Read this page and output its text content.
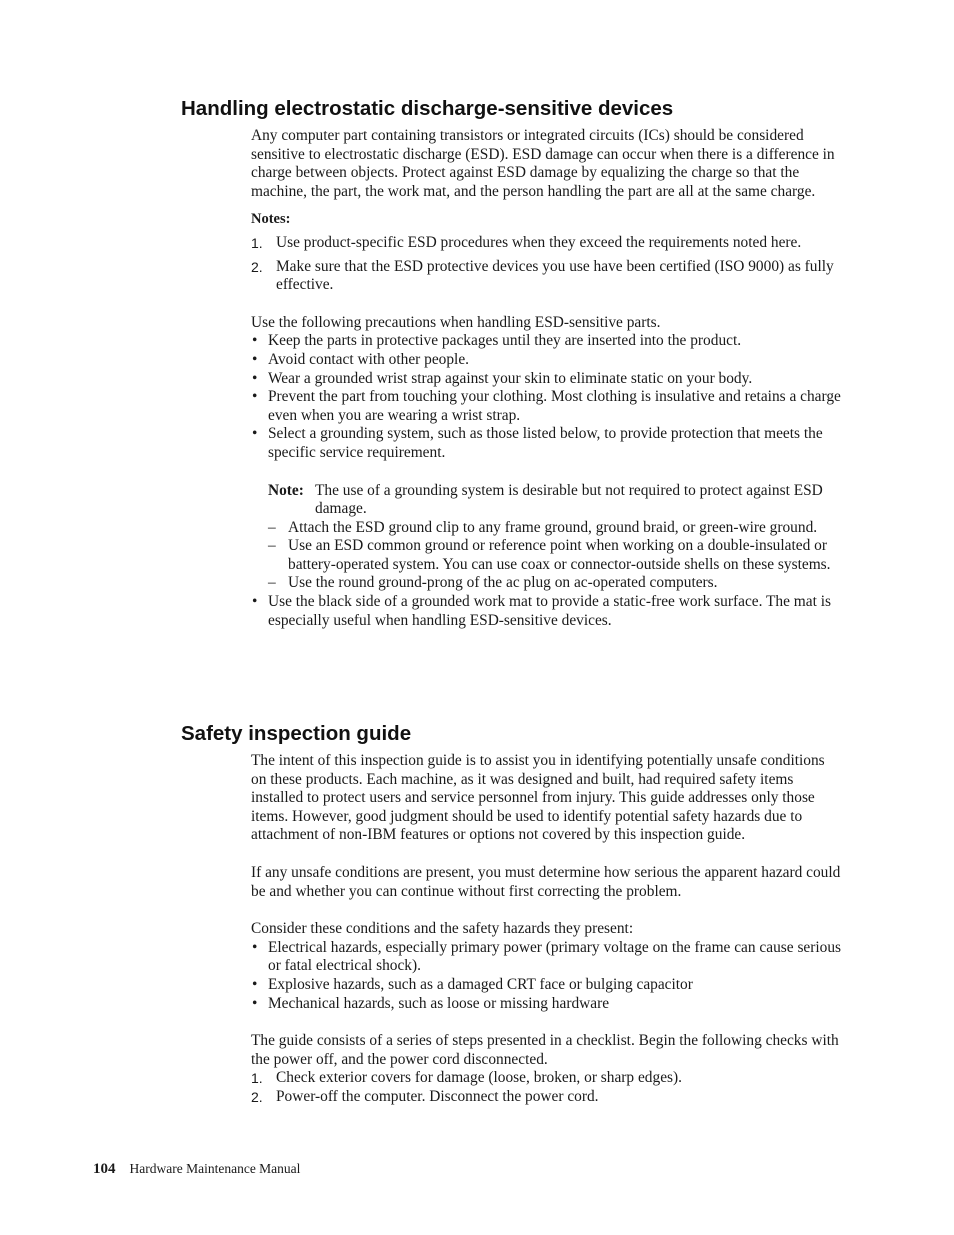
Handling electrostatic discharge-sensitive devices

Any computer part containing transistors or integrated circuits (ICs) should be considered sensitive to electrostatic discharge (ESD). ESD damage can occur when there is a difference in charge between objects. Protect against ESD damage by equalizing the charge so that the machine, the part, the work mat, and the person handling the part are all at the same charge.

Notes:

1. Use product-specific ESD procedures when they exceed the requirements noted here.
2. Make sure that the ESD protective devices you use have been certified (ISO 9000) as fully effective.

Use the following precautions when handling ESD-sensitive parts.

• Keep the parts in protective packages until they are inserted into the product.
• Avoid contact with other people.
• Wear a grounded wrist strap against your skin to eliminate static on your body.
• Prevent the part from touching your clothing. Most clothing is insulative and retains a charge even when you are wearing a wrist strap.
• Select a grounding system, such as those listed below, to provide protection that meets the specific service requirement.
Note: The use of a grounding system is desirable but not required to protect against ESD damage.
– Attach the ESD ground clip to any frame ground, ground braid, or green-wire ground.
– Use an ESD common ground or reference point when working on a double-insulated or battery-operated system. You can use coax or connector-outside shells on these systems.
– Use the round ground-prong of the ac plug on ac-operated computers.
• Use the black side of a grounded work mat to provide a static-free work surface. The mat is especially useful when handling ESD-sensitive devices.
Safety inspection guide

The intent of this inspection guide is to assist you in identifying potentially unsafe conditions on these products. Each machine, as it was designed and built, had required safety items installed to protect users and service personnel from injury. This guide addresses only those items. However, good judgment should be used to identify potential safety hazards due to attachment of non-IBM features or options not covered by this inspection guide.

If any unsafe conditions are present, you must determine how serious the apparent hazard could be and whether you can continue without first correcting the problem.

Consider these conditions and the safety hazards they present:

• Electrical hazards, especially primary power (primary voltage on the frame can cause serious or fatal electrical shock).
• Explosive hazards, such as a damaged CRT face or bulging capacitor
• Mechanical hazards, such as loose or missing hardware

The guide consists of a series of steps presented in a checklist. Begin the following checks with the power off, and the power cord disconnected.

1. Check exterior covers for damage (loose, broken, or sharp edges).
2. Power-off the computer. Disconnect the power cord.
104 Hardware Maintenance Manual
